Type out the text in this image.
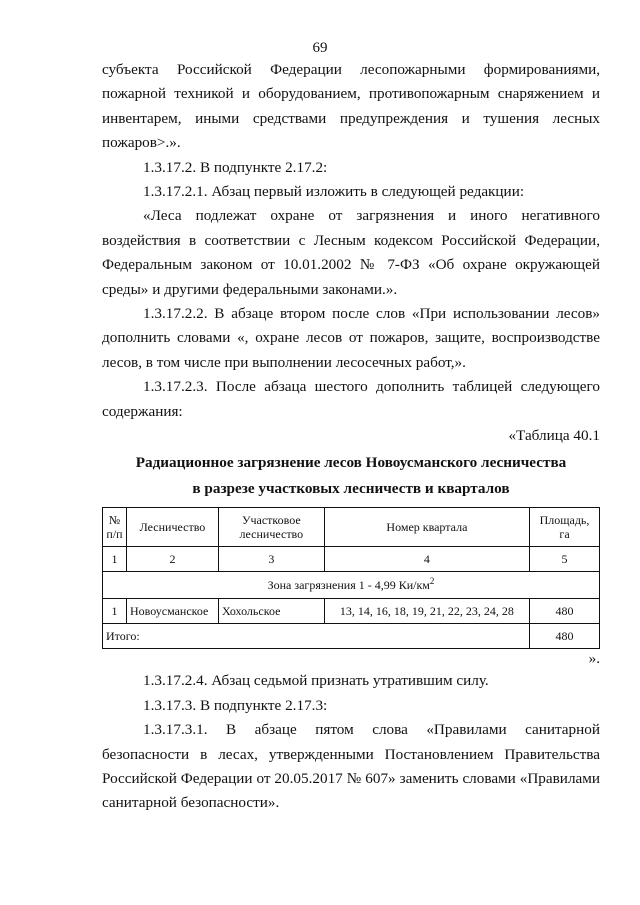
69

субъекта Российской Федерации лесопожарными формированиями, пожарной техникой и оборудованием, противопожарным снаряжением и инвентарем, иными средствами предупреждения и тушения лесных пожаров>.».

1.3.17.2. В подпункте 2.17.2:

1.3.17.2.1. Абзац первый изложить в следующей редакции:

«Леса подлежат охране от загрязнения и иного негативного воздействия в соответствии с Лесным кодексом Российской Федерации, Федеральным законом от 10.01.2002 № 7-ФЗ «Об охране окружающей среды» и другими федеральными законами.».

1.3.17.2.2. В абзаце втором после слов «При использовании лесов» дополнить словами «, охране лесов от пожаров, защите, воспроизводстве лесов, в том числе при выполнении лесосечных работ,».

1.3.17.2.3. После абзаца шестого дополнить таблицей следующего содержания:

«Таблица 40.1

Радиационное загрязнение лесов Новоусманского лесничества

в разрезе участковых лесничеств и кварталов

№ п/п	Лесничество	Участковое лесничество	Номер квартала	Площадь, га
1	2	3	4	5
Зона загрязнения 1 - 4,99 $Ки/км^2$
1	Новоусманское	Хохольское	13, 14, 16, 18, 19, 21, 22, 23, 24, 28	480
Итого:				480

».

1.3.17.2.4. Абзац седьмой признать утратившим силу.

1.3.17.3. В подпункте 2.17.3:

1.3.17.3.1. В абзаце пятом слова «Правилами санитарной безопасности в лесах, утвержденными Постановлением Правительства Российской Федерации от 20.05.2017 № 607» заменить словами «Правилами санитарной безопасности».
